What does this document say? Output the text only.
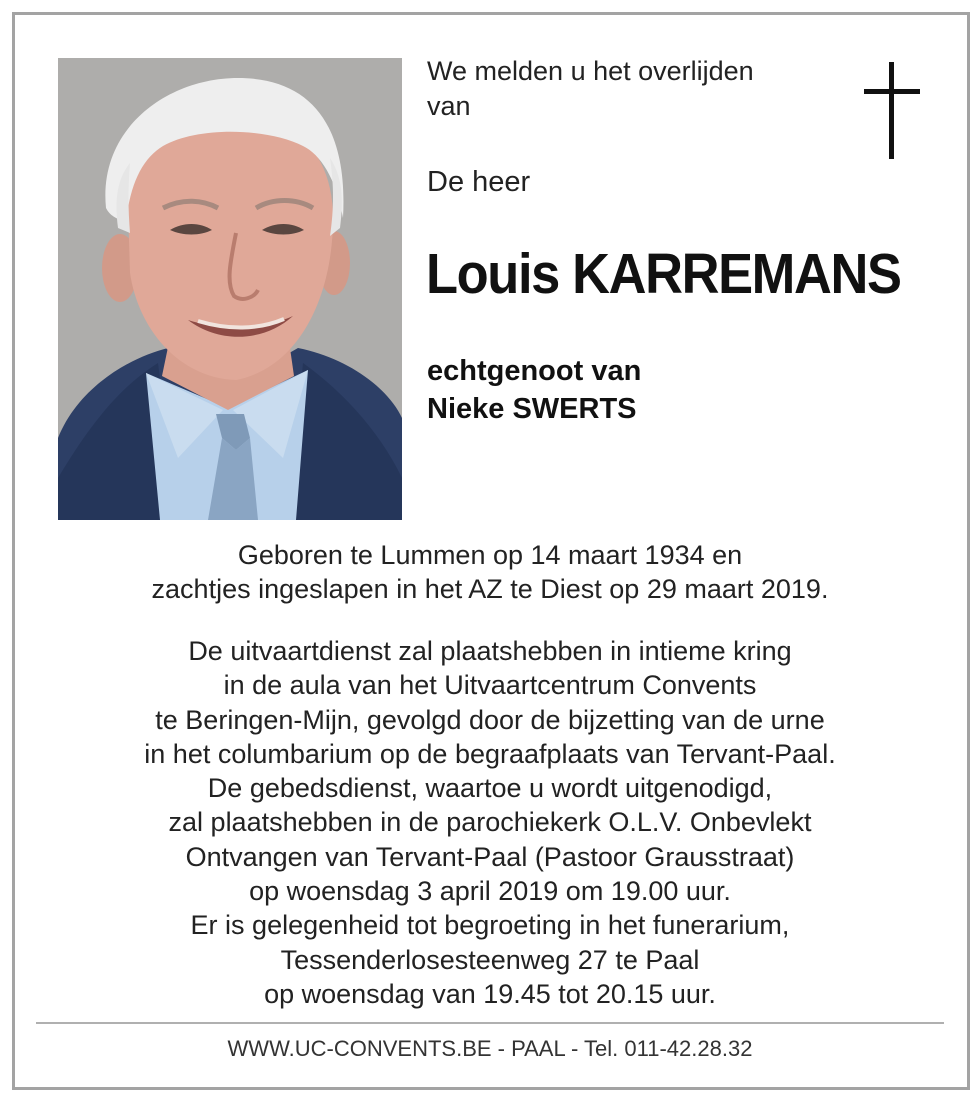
We melden u het overlijden
van
De heer
Louis KARREMANS
echtgenoot van
Nieke SWERTS
Geboren te Lummen op 14 maart 1934 en
zachtjes ingeslapen in het AZ te Diest op 29 maart 2019.
De uitvaartdienst zal plaatshebben in intieme kring
in de aula van het Uitvaartcentrum Convents
te Beringen-Mijn, gevolgd door de bijzetting van de urne
in het columbarium op de begraafplaats van Tervant-Paal.
De gebedsdienst, waartoe u wordt uitgenodigd,
zal plaatshebben in de parochiekerk O.L.V. Onbevlekt
Ontvangen van Tervant-Paal (Pastoor Grausstraat)
op woensdag 3 april 2019 om 19.00 uur.
Er is gelegenheid tot begroeting in het funerarium,
Tessenderlosesteenweg 27 te Paal
op woensdag van 19.45 tot 20.15 uur.
WWW.UC-CONVENTS.BE - PAAL - Tel. 011-42.28.32
